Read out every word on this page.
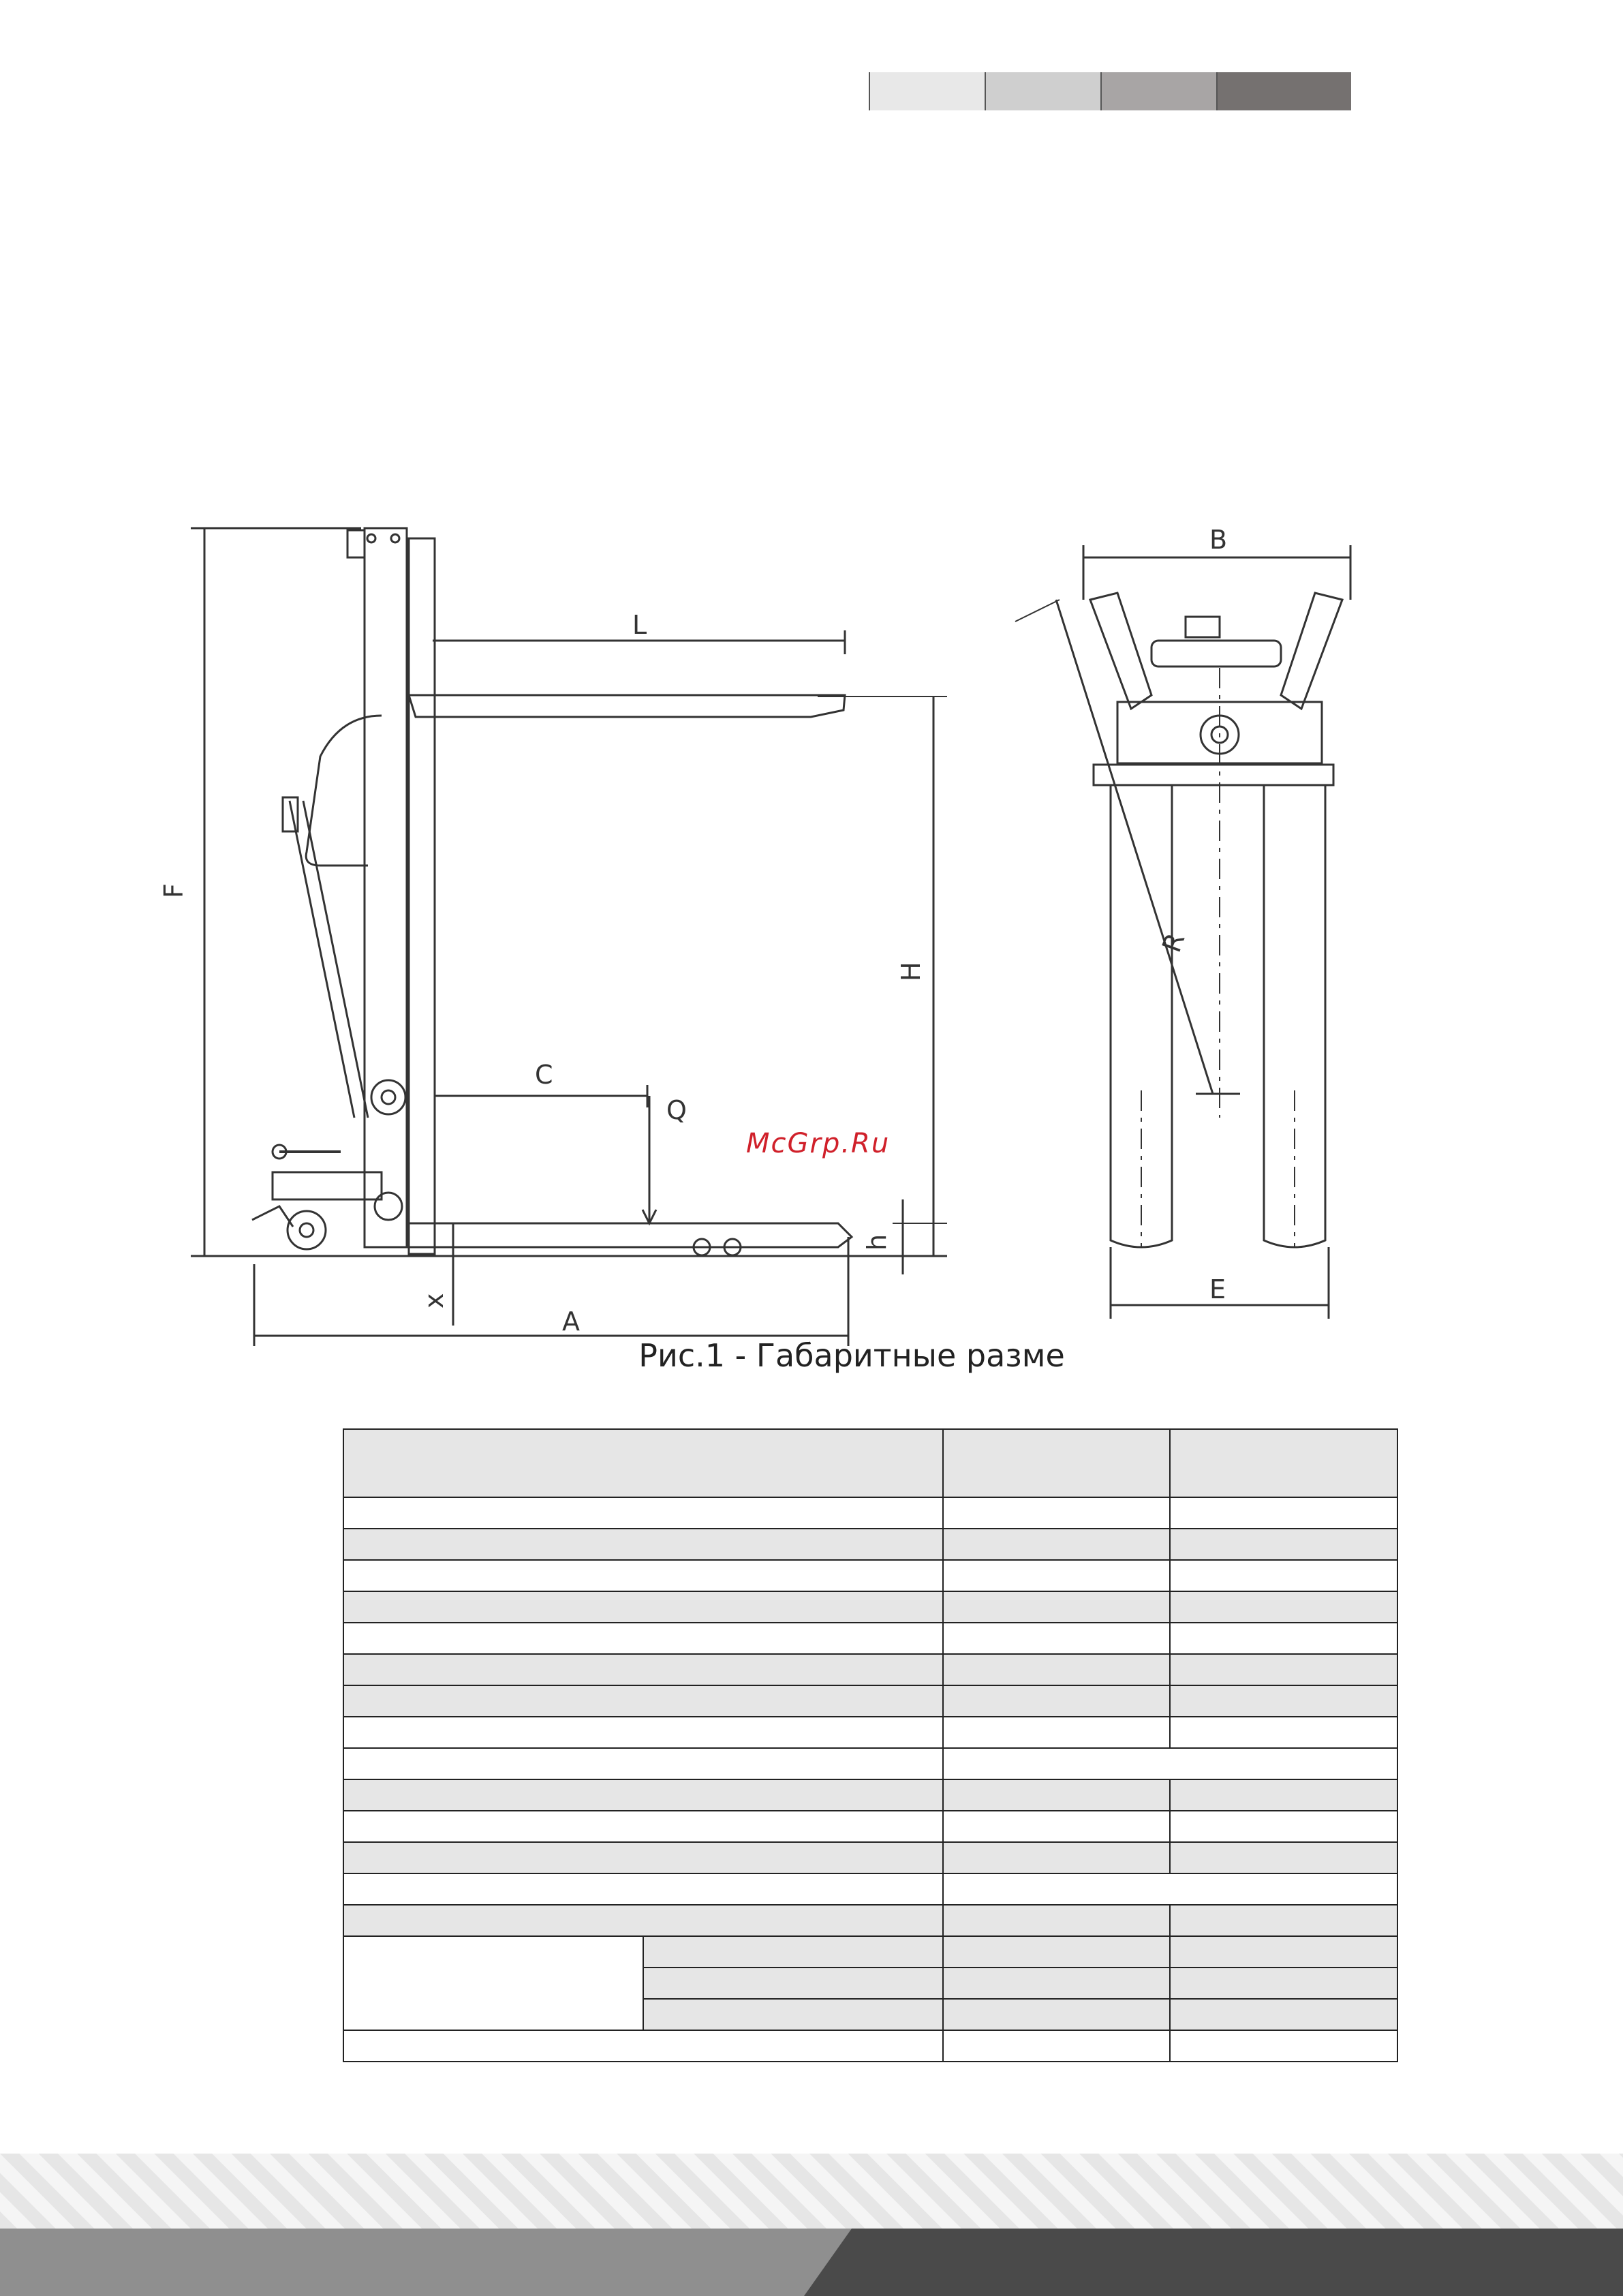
F
L
H
C
Q
h
x
A
B
R
E
McGrp.Ru
Рис.1 - Габаритные разме
